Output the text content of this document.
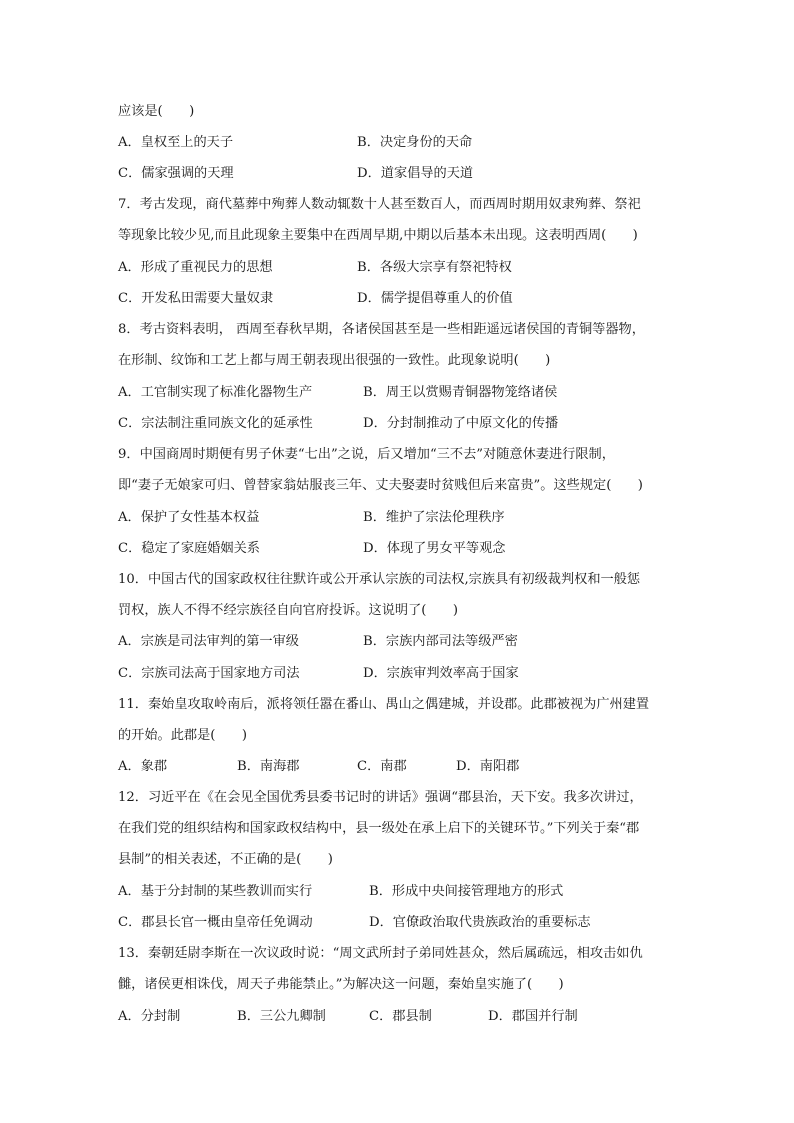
应该是(　　)
A．皇权至上的天子	B．决定身份的天命
C．儒家强调的天理	D．道家倡导的天道
7．考古发现，商代墓葬中殉葬人数动辄数十人甚至数百人，而西周时期用奴隶殉葬、祭祀
等现象比较少见,而且此现象主要集中在西周早期,中期以后基本未出现。这表明西周(　　)
A．形成了重视民力的思想	B．各级大宗享有祭祀特权
C．开发私田需要大量奴隶	D．儒学提倡尊重人的价值
8．考古资料表明， 西周至春秋早期，各诸侯国甚至是一些相距遥远诸侯国的青铜等器物，
在形制、纹饰和工艺上都与周王朝表现出很强的一致性。此现象说明(　　)
A．工官制实现了标准化器物生产	B．周王以赏赐青铜器物笼络诸侯
C．宗法制注重同族文化的延承性	D．分封制推动了中原文化的传播
9．中国商周时期便有男子休妻“七出”之说，后又增加“三不去”对随意休妻进行限制，
即“妻子无娘家可归、曾替家翁姑服丧三年、丈夫娶妻时贫贱但后来富贵”。这些规定(　　)
A．保护了女性基本权益	B．维护了宗法伦理秩序
C．稳定了家庭婚姻关系	D．体现了男女平等观念
10．中国古代的国家政权往往默许或公开承认宗族的司法权,宗族具有初级裁判权和一般惩
罚权，族人不得不经宗族径自向官府投诉。这说明了(　　)
A．宗族是司法审判的第一审级	B．宗族内部司法等级严密
C．宗族司法高于国家地方司法	D．宗族审判效率高于国家
11．秦始皇攻取岭南后，派将领任嚣在番山、禺山之偶建城，并设郡。此郡被视为广州建置
的开始。此郡是(　　)
A．象郡	B．南海郡	C．南郡	D．南阳郡
12．习近平在《在会见全国优秀县委书记时的讲话》强调“郡县治，天下安。我多次讲过，
在我们党的组织结构和国家政权结构中，县一级处在承上启下的关键环节。”下列关于秦“郡
县制”的相关表述，不正确的是(　　)
A．基于分封制的某些教训而实行	B．形成中央间接管理地方的形式
C．郡县长官一概由皇帝任免调动	D．官僚政治取代贵族政治的重要标志
13．秦朝廷尉李斯在一次议政时说：“周文武所封子弟同姓甚众，然后属疏远，相攻击如仇
雠，诸侯更相诛伐，周天子弗能禁止。”为解决这一问题，秦始皇实施了(　　)
A．分封制	B．三公九卿制	C．郡县制	D．郡国并行制
